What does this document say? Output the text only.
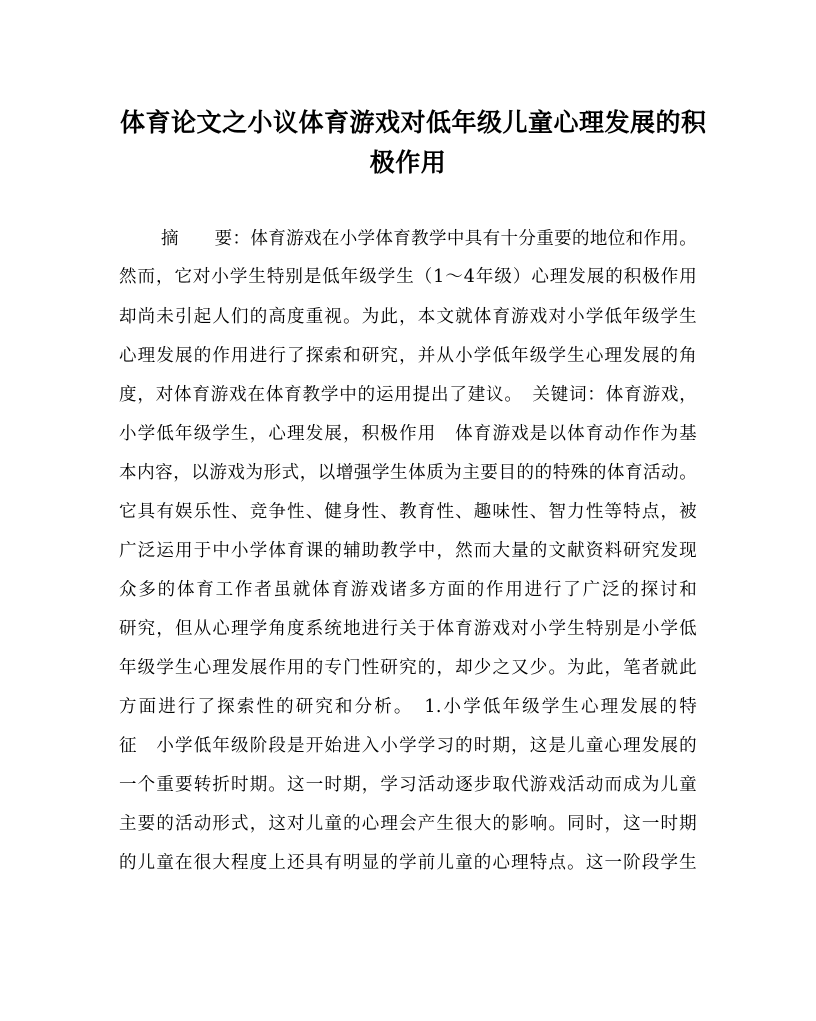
体育论文之小议体育游戏对低年级儿童心理发展的积
极作用
摘　　要：体育游戏在小学体育教学中具有十分重要的地位和作用。
然而，它对小学生特别是低年级学生（1～4年级）心理发展的积极作用
却尚未引起人们的高度重视。为此，本文就体育游戏对小学低年级学生
心理发展的作用进行了探索和研究，并从小学低年级学生心理发展的角
度，对体育游戏在体育教学中的运用提出了建议。　关键词：体育游戏，
小学低年级学生，心理发展，积极作用　体育游戏是以体育动作作为基
本内容，以游戏为形式，以增强学生体质为主要目的的特殊的体育活动。
它具有娱乐性、竞争性、健身性、教育性、趣味性、智力性等特点，被
广泛运用于中小学体育课的辅助教学中，然而大量的文献资料研究发现
众多的体育工作者虽就体育游戏诸多方面的作用进行了广泛的探讨和
研究，但从心理学角度系统地进行关于体育游戏对小学生特别是小学低
年级学生心理发展作用的专门性研究的，却少之又少。为此，笔者就此
方面进行了探索性的研究和分析。　1.小学低年级学生心理发展的特
征　小学低年级阶段是开始进入小学学习的时期，这是儿童心理发展的
一个重要转折时期。这一时期，学习活动逐步取代游戏活动而成为儿童
主要的活动形式，这对儿童的心理会产生很大的影响。同时，这一时期
的儿童在很大程度上还具有明显的学前儿童的心理特点。这一阶段学生
